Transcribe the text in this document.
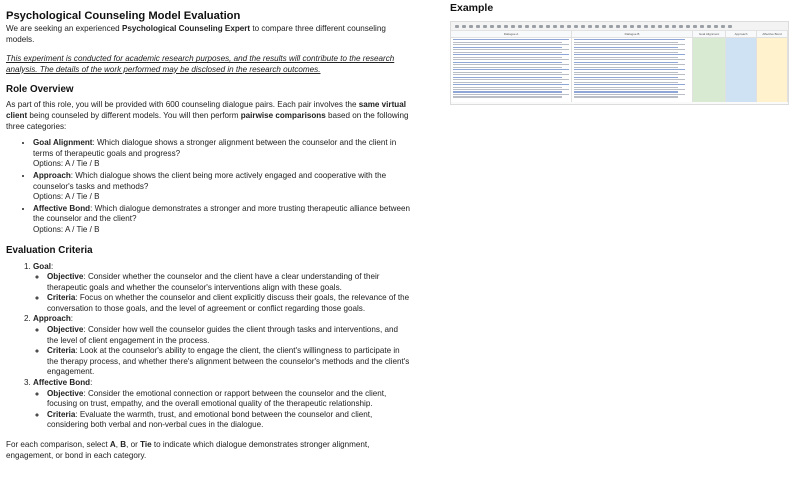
Psychological Counseling Model Evaluation

We are seeking an experienced Psychological Counseling Expert to compare three different counseling models.

This experiment is conducted for academic research purposes, and the results will contribute to the research analysis. The details of the work performed may be disclosed in the research outcomes.

Role Overview

As part of this role, you will be provided with 600 counseling dialogue pairs. Each pair involves the same virtual client being counseled by different models. You will then perform pairwise comparisons based on the following three categories:

• Goal Alignment: Which dialogue shows a stronger alignment between the counselor and the client in terms of therapeutic goals and progress?
Options: A / Tie / B
• Approach: Which dialogue shows the client being more actively engaged and cooperative with the counselor's tasks and methods?
Options: A / Tie / B
• Affective Bond: Which dialogue demonstrates a stronger and more trusting therapeutic alliance between the counselor and the client?
Options: A / Tie / B
Evaluation Criteria
1. Goal:
◦ Objective: Consider whether the counselor and the client have a clear understanding of their therapeutic goals and whether the counselor's interventions align with these goals.
◦ Criteria: Focus on whether the counselor and client explicitly discuss their goals, the relevance of the conversation to those goals, and the level of agreement or conflict regarding those goals.
2. Approach:
◦ Objective: Consider how well the counselor guides the client through tasks and interventions, and the level of client engagement in the process.
◦ Criteria: Look at the counselor's ability to engage the client, the client's willingness to participate in the therapy process, and whether there's alignment between the counselor's methods and the client's engagement.
3. Affective Bond:
◦ Objective: Consider the emotional connection or rapport between the counselor and the client, focusing on trust, empathy, and the overall emotional quality of the therapeutic relationship.
◦ Criteria: Evaluate the warmth, trust, and emotional bond between the counselor and client, considering both verbal and non-verbal cues in the dialogue.

For each comparison, select A, B, or Tie to indicate which dialogue demonstrates stronger alignment, engagement, or bond in each category.

Example
Dialogue A	Dialogue B	Goal Alignment	Approach	Affective Bond
